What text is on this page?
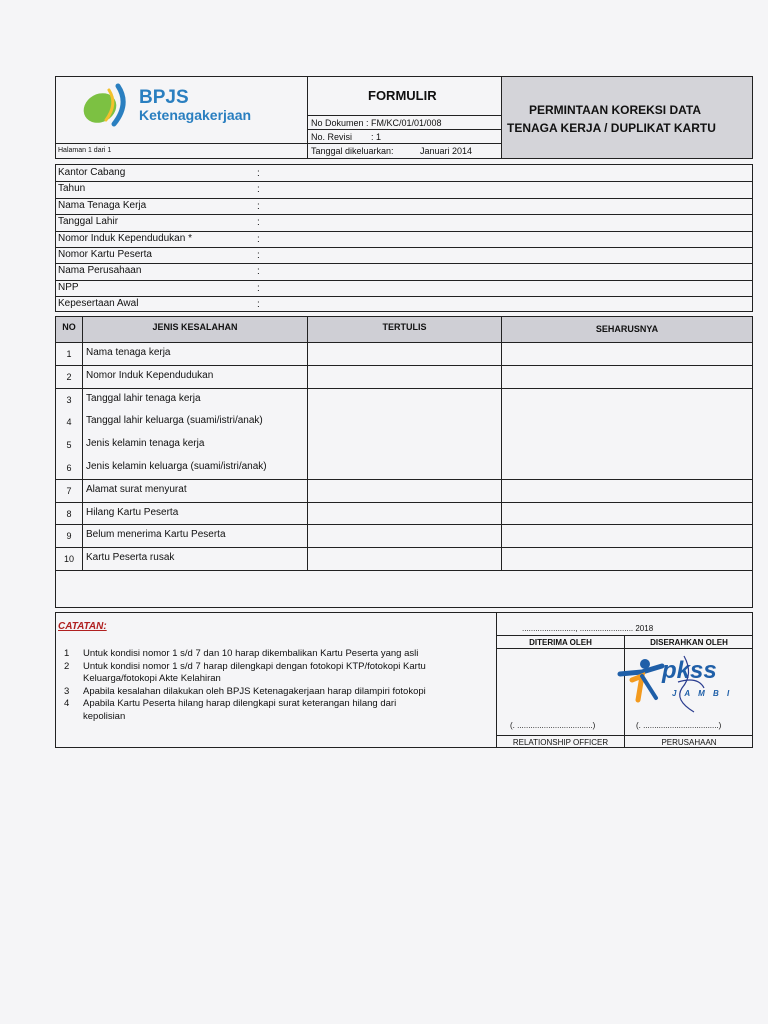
BPJS
Ketenagakerjaan
FORMULIR
No Dokumen : FM/KC/01/01/008
No. Revisi : 1
Tanggal dikeluarkan:	Januari 2014
PERMINTAAN KOREKSI DATA
TENAGA KERJA / DUPLIKAT KARTU
Halaman 1 dari 1
Kantor Cabang	:
Tahun	:
Nama Tenaga Kerja	:
Tanggal Lahir	:
Nomor Induk Kependudukan *	:
Nomor Kartu Peserta	:
Nama Perusahaan	:
NPP	:
Kepesertaan Awal	:
NO	JENIS KESALAHAN	TERTULIS	SEHARUSNYA
1	Nama tenaga kerja
2	Nomor Induk Kependudukan
3	Tanggal lahir tenaga kerja
4	Tanggal lahir keluarga (suami/istri/anak)
5	Jenis kelamin tenaga kerja
6	Jenis kelamin keluarga (suami/istri/anak)
7	Alamat surat menyurat
8	Hilang Kartu Peserta
9	Belum menerima Kartu Peserta
10	Kartu Peserta rusak
CATATAN:
1 Untuk kondisi nomor 1 s/d 7 dan 10 harap dikembalikan Kartu Peserta yang asli
2 Untuk kondisi nomor 1 s/d 7 harap dilengkapi dengan fotokopi KTP/fotokopi Kartu
Keluarga/fotokopi Akte Kelahiran
3 Apabila kesalahan dilakukan oleh BPJS Ketenagakerjaan harap dilampiri fotokopi
4 Apabila Kartu Peserta hilang harap dilengkapi surat keterangan hilang dari
kepolisian
........................, ........................ 2018
DITERIMA OLEH	DISERAHKAN OLEH
(. ..................................)	(. ..................................)
RELATIONSHIP OFFICER	PERUSAHAAN
pkss
J A M B I
